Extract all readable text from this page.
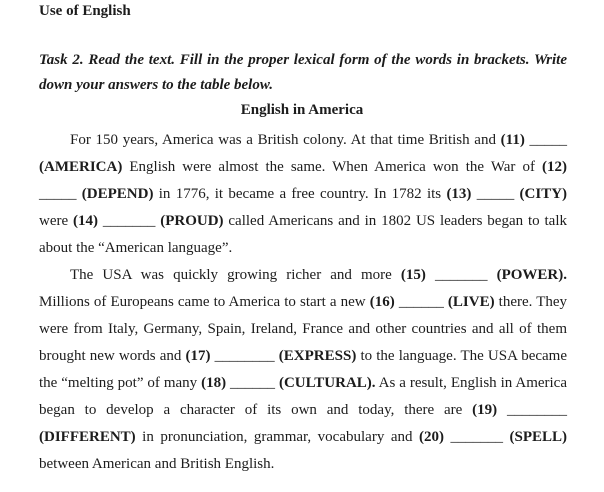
Use of English
Task 2. Read the text. Fill in the proper lexical form of the words in brackets. Write down your answers to the table below.
English in America

For 150 years, America was a British colony. At that time British and (11) _____ (AMERICA) English were almost the same. When America won the War of (12) _____ (DEPEND) in 1776, it became a free country. In 1782 its (13) _____ (CITY) were (14) _______ (PROUD) called Americans and in 1802 US leaders began to talk about the “American language”.

The USA was quickly growing richer and more (15) _______ (POWER). Millions of Europeans came to America to start a new (16) ______ (LIVE) there. They were from Italy, Germany, Spain, Ireland, France and other countries and all of them brought new words and (17) ________ (EXPRESS) to the language. The USA became the “melting pot” of many (18) ______ (CULTURAL). As a result, English in America began to develop a character of its own and today, there are (19) ________ (DIFFERENT) in pronunciation, grammar, vocabulary and (20) _______ (SPELL) between American and British English.
